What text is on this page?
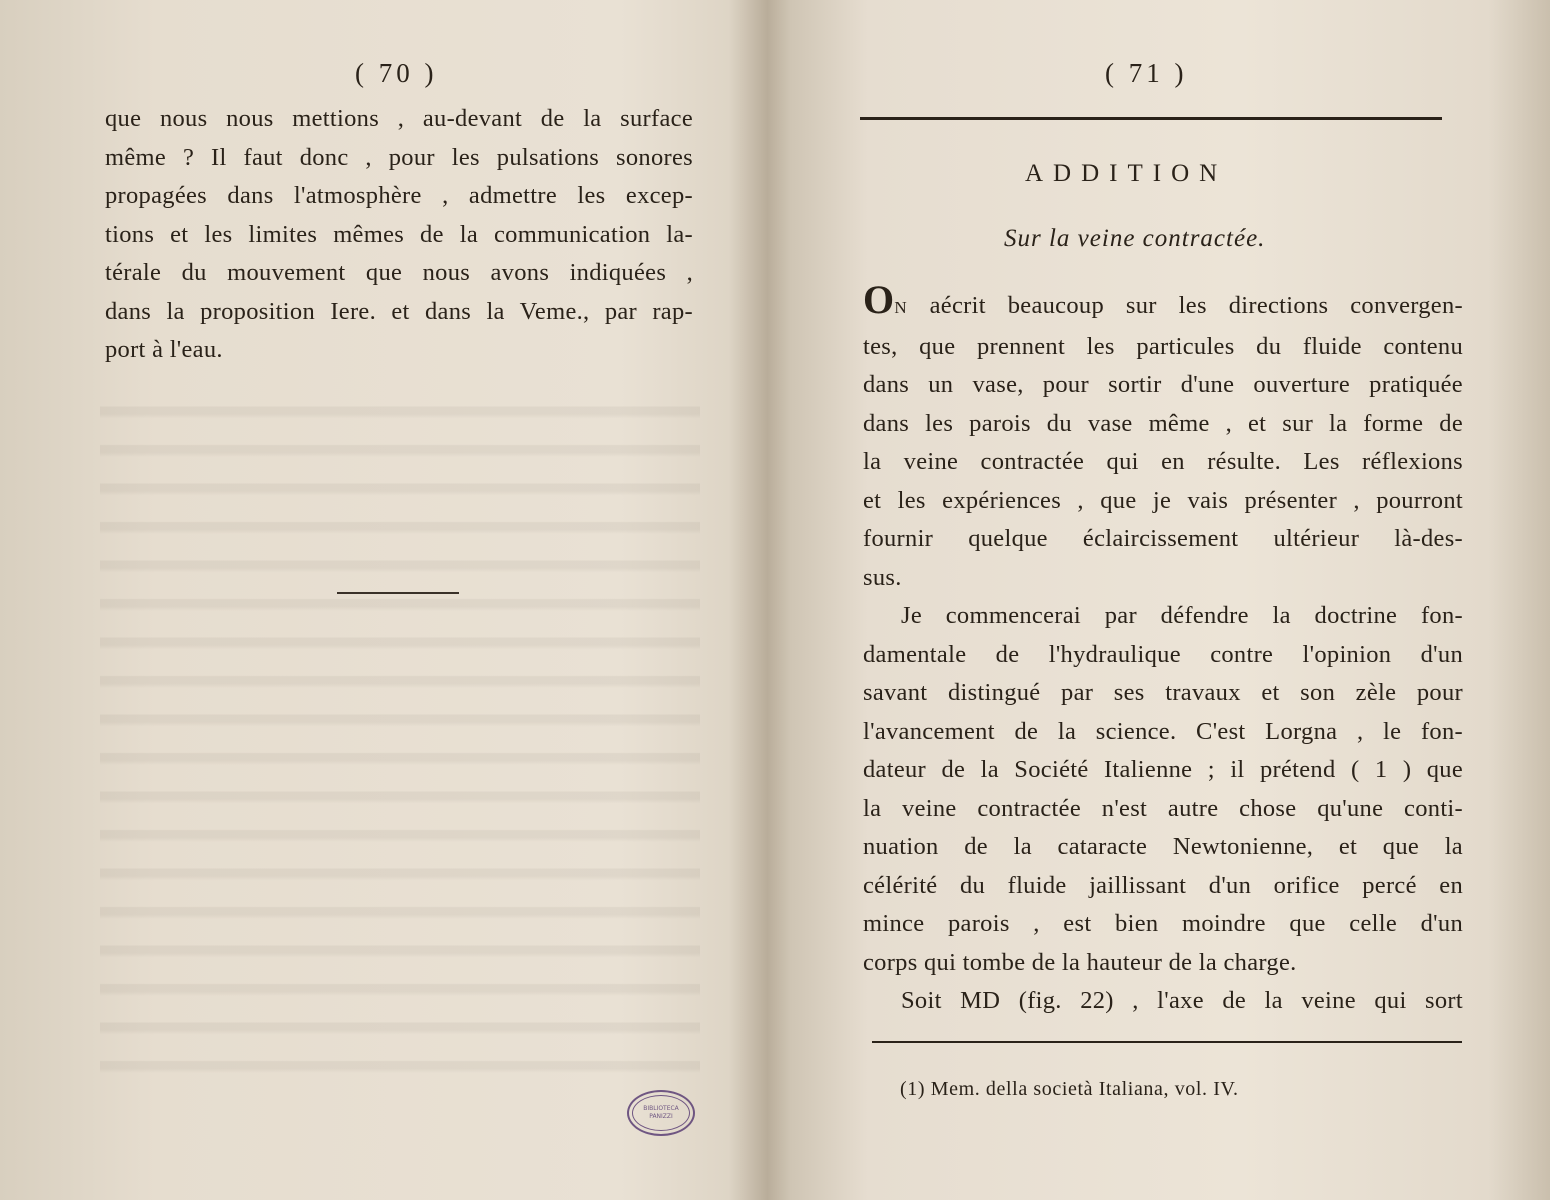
( 70 )
que nous nous mettions , au-devant de la surface
même ? Il faut donc , pour les pulsations sonores
propagées dans l'atmosphère , admettre les excep-
tions et les limites mêmes de la communication la-
térale du mouvement que nous avons indiquées ,
dans la proposition Iere. et dans la Veme., par rap-
port à l'eau.
BIBLIOTECA
PANIZZI
( 71 )
ADDITION
Sur la veine contractée.
ON aécrit beaucoup sur les directions convergen-
tes, que prennent les particules du fluide contenu
dans un vase, pour sortir d'une ouverture pratiquée
dans les parois du vase même , et sur la forme de
la veine contractée qui en résulte. Les réflexions
et les expériences , que je vais présenter , pourront
fournir quelque éclaircissement ultérieur là-des-
sus.
Je commencerai par défendre la doctrine fon-
damentale de l'hydraulique contre l'opinion d'un
savant distingué par ses travaux et son zèle pour
l'avancement de la science. C'est Lorgna , le fon-
dateur de la Société Italienne ; il prétend ( 1 ) que
la veine contractée n'est autre chose qu'une conti-
nuation de la cataracte Newtonienne, et que la
célérité du fluide jaillissant d'un orifice percé en
mince parois , est bien moindre que celle d'un
corps qui tombe de la hauteur de la charge.
Soit MD (fig. 22) , l'axe de la veine qui sort
(1) Mem. della società Italiana, vol. IV.
